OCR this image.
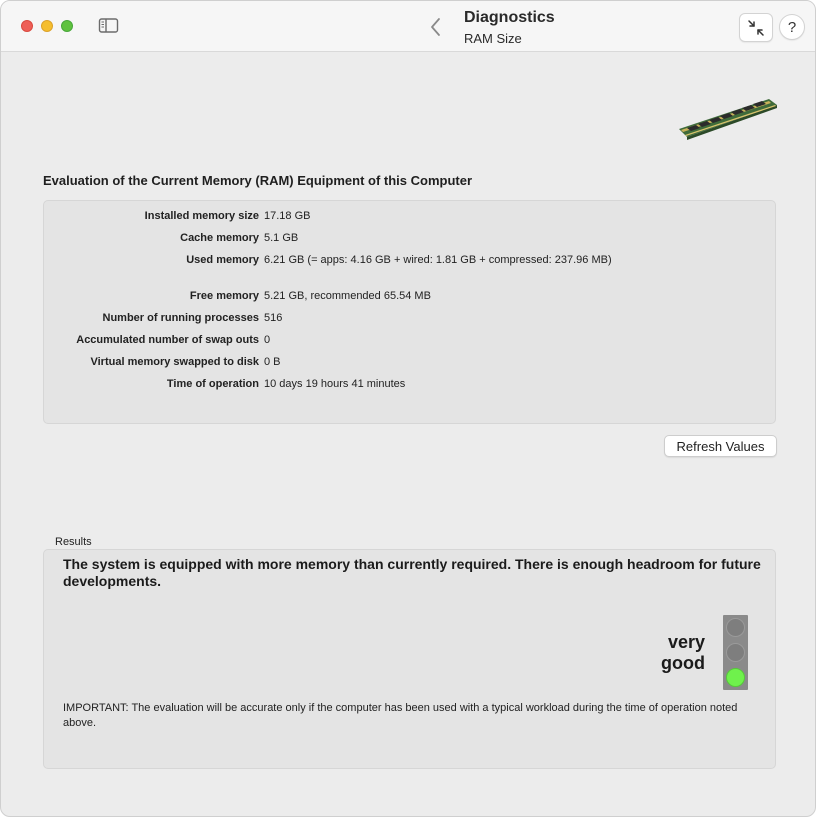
Diagnostics
RAM Size
?
Evaluation of the Current Memory (RAM) Equipment of this Computer
Installed memory size 17.18 GB
Cache memory 5.1 GB
Used memory 6.21 GB (= apps: 4.16 GB + wired: 1.81 GB + compressed: 237.96 MB)
Free memory 5.21 GB, recommended 65.54 MB
Number of running processes 516
Accumulated number of swap outs 0
Virtual memory swapped to disk 0 B
Time of operation 10 days 19 hours 41 minutes
Refresh Values
Results
The system is equipped with more memory than currently required. There is enough headroom for future developments.
very
good
IMPORTANT: The evaluation will be accurate only if the computer has been used with a typical workload during the time of operation noted above.
